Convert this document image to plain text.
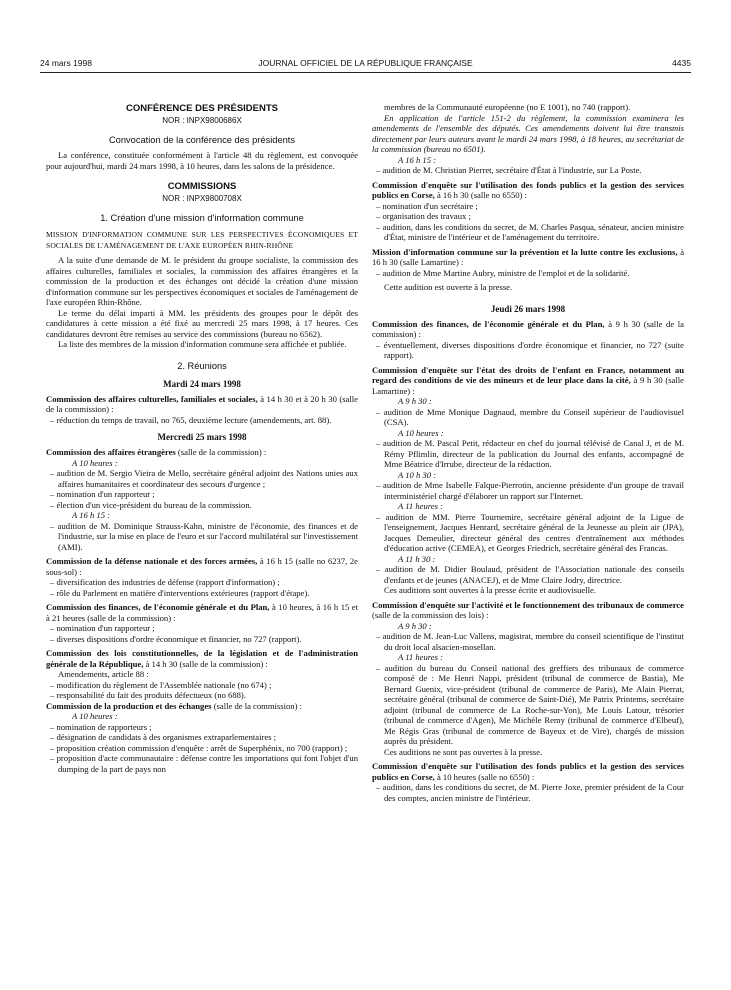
24 mars 1998	JOURNAL OFFICIEL DE LA RÉPUBLIQUE FRANÇAISE	4435
CONFÉRENCE DES PRÉSIDENTS
NOR : INPX9800686X
Convocation de la conférence des présidents

La conférence, constituée conformément à l'article 48 du règlement, est convoquée pour aujourd'hui, mardi 24 mars 1998, à 10 heures, dans les salons de la présidence.

COMMISSIONS
NOR : INPX9800708X
1. Création d'une mission d'information commune

MISSION D'INFORMATION COMMUNE SUR LES PERSPECTIVES ÉCONOMIQUES ET SOCIALES DE L'AMÉNAGEMENT DE L'AXE EUROPÉEN RHIN-RHÔNE

A la suite d'une demande de M. le président du groupe socialiste, la commission des affaires culturelles, familiales et sociales, la commission des affaires étrangères et la commission de la production et des échanges ont décidé la création d'une mission d'information commune sur les perspectives économiques et sociales de l'aménagement de l'axe européen Rhin-Rhône.

Le terme du délai imparti à MM. les présidents des groupes pour le dépôt des candidatures à cette mission a été fixé au mercredi 25 mars 1998, à 17 heures. Ces candidatures devront être remises au service des commissions (bureau no 6562).

La liste des membres de la mission d'information commune sera affichée et publiée.

2. Réunions
Mardi 24 mars 1998

Commission des affaires culturelles, familiales et sociales, à 14 h 30 et à 20 h 30 (salle de la commission) :

– réduction du temps de travail, no 765, deuxième lecture (amendements, art. 88).

Mercredi 25 mars 1998

Commission des affaires étrangères (salle de la commission) :

A 10 heures :

– audition de M. Sergio Vieira de Mello, secrétaire général adjoint des Nations unies aux affaires humanitaires et coordinateur des secours d'urgence ;

– nomination d'un rapporteur ;

– élection d'un vice-président du bureau de la commission.

A 16 h 15 :

– audition de M. Dominique Strauss-Kahn, ministre de l'économie, des finances et de l'industrie, sur la mise en place de l'euro et sur l'accord multilatéral sur l'investissement (AMI).

Commission de la défense nationale et des forces armées, à 16 h 15 (salle no 6237, 2e sous-sol) :

– diversification des industries de défense (rapport d'information) ;

– rôle du Parlement en matière d'interventions extérieures (rapport d'étape).

Commission des finances, de l'économie générale et du Plan, à 10 heures, à 16 h 15 et à 21 heures (salle de la commission) :

– nomination d'un rapporteur ;

– diverses dispositions d'ordre économique et financier, no 727 (rapport).

Commission des lois constitutionnelles, de la législation et de l'administration générale de la République, à 14 h 30 (salle de la commission) :

Amendements, article 88 :

– modification du règlement de l'Assemblée nationale (no 674) ;

– responsabilité du fait des produits défectueux (no 688).

Commission de la production et des échanges (salle de la commission) :

A 10 heures :

– nomination de rapporteurs ;

– désignation de candidats à des organismes extraparlementaires ;

– proposition création commission d'enquête : arrêt de Superphénix, no 700 (rapport) ;

– proposition d'acte communautaire : défense contre les importations qui font l'objet d'un dumping de la part de pays non

membres de la Communauté européenne (no E 1001), no 740 (rapport).

En application de l'article 151-2 du règlement, la commission examinera les amendements de l'ensemble des députés. Ces amendements doivent lui être transmis directement par leurs auteurs avant le mardi 24 mars 1998, à 18 heures, au secrétariat de la commission (bureau no 6501).

A 16 h 15 :

– audition de M. Christian Pierret, secrétaire d'État à l'industrie, sur La Poste.

Commission d'enquête sur l'utilisation des fonds publics et la gestion des services publics en Corse, à 16 h 30 (salle no 6550) :

– nomination d'un secrétaire ;

– organisation des travaux ;

– audition, dans les conditions du secret, de M. Charles Pasqua, sénateur, ancien ministre d'État, ministre de l'intérieur et de l'aménagement du territoire.

Mission d'information commune sur la prévention et la lutte contre les exclusions, à 16 h 30 (salle Lamartine) :

– audition de Mme Martine Aubry, ministre de l'emploi et de la solidarité.

Cette audition est ouverte à la presse.

Jeudi 26 mars 1998

Commission des finances, de l'économie générale et du Plan, à 9 h 30 (salle de la commission) :

– éventuellement, diverses dispositions d'ordre économique et financier, no 727 (suite rapport).

Commission d'enquête sur l'état des droits de l'enfant en France, notamment au regard des conditions de vie des mineurs et de leur place dans la cité, à 9 h 30 (salle Lamartine) :

A 9 h 30 :

– audition de Mme Monique Dagnaud, membre du Conseil supérieur de l'audiovisuel (CSA).

A 10 heures :

– audition de M. Pascal Petit, rédacteur en chef du journal télévisé de Canal J, et de M. Rémy Pflimlin, directeur de la publication du Journal des enfants, accompagné de Mme Béatrice d'Irrube, directeur de la rédaction.

A 10 h 30 :

– audition de Mme Isabelle Falque-Pierrotin, ancienne présidente d'un groupe de travail interministériel chargé d'élaborer un rapport sur l'Internet.

A 11 heures :

– audition de MM. Pierre Tournemire, secrétaire général adjoint de la Ligue de l'enseignement, Jacques Henrard, secrétaire général de la Jeunesse au plein air (JPA), Jacques Demeulier, directeur général des centres d'entraînement aux méthodes d'éducation active (CEMEA), et Georges Friedrich, secrétaire général des Francas.

A 11 h 30 :

– audition de M. Didier Boulaud, président de l'Association nationale des conseils d'enfants et de jeunes (ANACEJ), et de Mme Claire Jodry, directrice.

Ces auditions sont ouvertes à la presse écrite et audiovisuelle.

Commission d'enquête sur l'activité et le fonctionnement des tribunaux de commerce (salle de la commission des lois) :

A 9 h 30 :

– audition de M. Jean-Luc Vallens, magistrat, membre du conseil scientifique de l'institut du droit local alsacien-mosellan.

A 11 heures :

– audition du bureau du Conseil national des greffiers des tribunaux de commerce composé de : Me Henri Nappi, président (tribunal de commerce de Bastia), Me Bernard Guenix, vice-président (tribunal de commerce de Paris), Me Alain Pierrat, secrétaire général (tribunal de commerce de Saint-Dié), Me Patrix Printems, secrétaire adjoint (tribunal de commerce de La Roche-sur-Yon), Me Louis Latour, trésorier (tribunal de commerce d'Agen), Me Michèle Remy (tribunal de commerce d'Elbeuf), Me Régis Gras (tribunal de commerce de Bayeux et de Vire), chargés de mission auprès du président.

Ces auditions ne sont pas ouvertes à la presse.

Commission d'enquête sur l'utilisation des fonds publics et la gestion des services publics en Corse, à 10 heures (salle no 6550) :

– audition, dans les conditions du secret, de M. Pierre Joxe, premier président de la Cour des comptes, ancien ministre de l'intérieur.
